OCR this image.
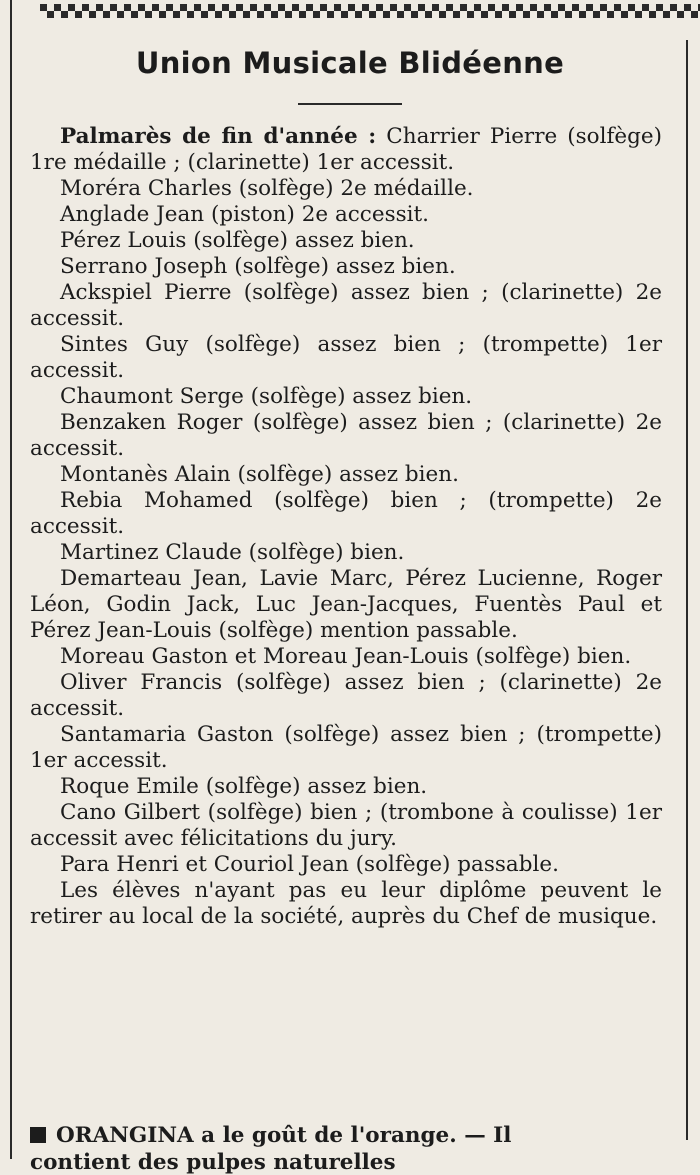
Union Musicale Blidéenne

Palmarès de fin d'année : Charrier Pierre (solfège) 1re médaille ; (clarinette) 1er accessit.

Moréra Charles (solfège) 2e médaille.

Anglade Jean (piston) 2e accessit.

Pérez Louis (solfège) assez bien.

Serrano Joseph (solfège) assez bien.

Ackspiel Pierre (solfège) assez bien ; (clarinette) 2e accessit.

Sintes Guy (solfège) assez bien ; (trompette) 1er accessit.

Chaumont Serge (solfège) assez bien.

Benzaken Roger (solfège) assez bien ; (clarinette) 2e accessit.

Montanès Alain (solfège) assez bien.

Rebia Mohamed (solfège) bien ; (trompette) 2e accessit.

Martinez Claude (solfège) bien.

Demarteau Jean, Lavie Marc, Pérez Lucienne, Roger Léon, Godin Jack, Luc Jean-Jacques, Fuentès Paul et Pérez Jean-Louis (solfège) mention passable.

Moreau Gaston et Moreau Jean-Louis (solfège) bien.

Oliver Francis (solfège) assez bien ; (clarinette) 2e accessit.

Santamaria Gaston (solfège) assez bien ; (trompette) 1er accessit.

Roque Emile (solfège) assez bien.

Cano Gilbert (solfège) bien ; (trombone à coulisse) 1er accessit avec félicitations du jury.

Para Henri et Couriol Jean (solfège) passable.

Les élèves n'ayant pas eu leur diplôme peuvent le retirer au local de la société, auprès du Chef de musique.

ORANGINA a le goût de l'orange. — Il
contient des pulpes naturelles
